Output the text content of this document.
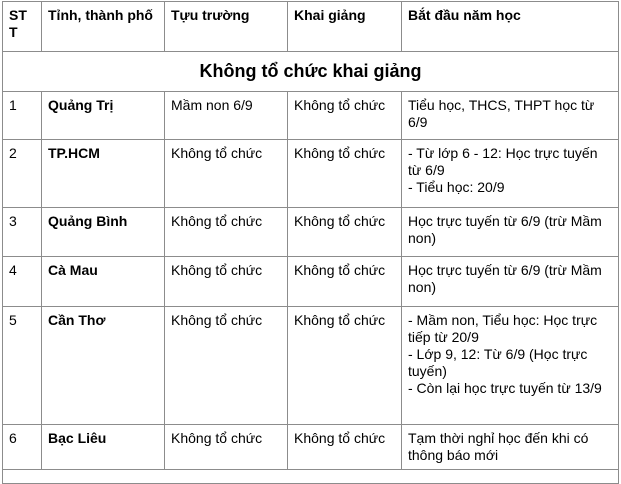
STT	Tỉnh, thành phố	Tựu trường	Khai giảng	Bắt đầu năm học
Không tổ chức khai giảng				
1	Quảng Trị	Mầm non 6/9	Không tổ chức	Tiểu học, THCS, THPT học từ 6/9

2	TP.HCM	Không tổ chức	Không tổ chức	- Từ lớp 6 - 12: Học trực tuyến từ 6/9
- Tiểu học: 20/9

3	Quảng Bình	Không tổ chức	Không tổ chức	Học trực tuyến từ 6/9 (trừ Mầm non)

4	Cà Mau	Không tổ chức	Không tổ chức	Học trực tuyến từ 6/9 (trừ Mầm non)

5	Cần Thơ	Không tổ chức	Không tổ chức	- Mầm non, Tiểu học: Học trực tiếp từ 20/9
- Lớp 9, 12: Từ 6/9 (Học trực tuyến)
- Còn lại học trực tuyến từ 13/9

6	Bạc Liêu	Không tổ chức	Không tổ chức	Tạm thời nghỉ học đến khi có thông báo mới
